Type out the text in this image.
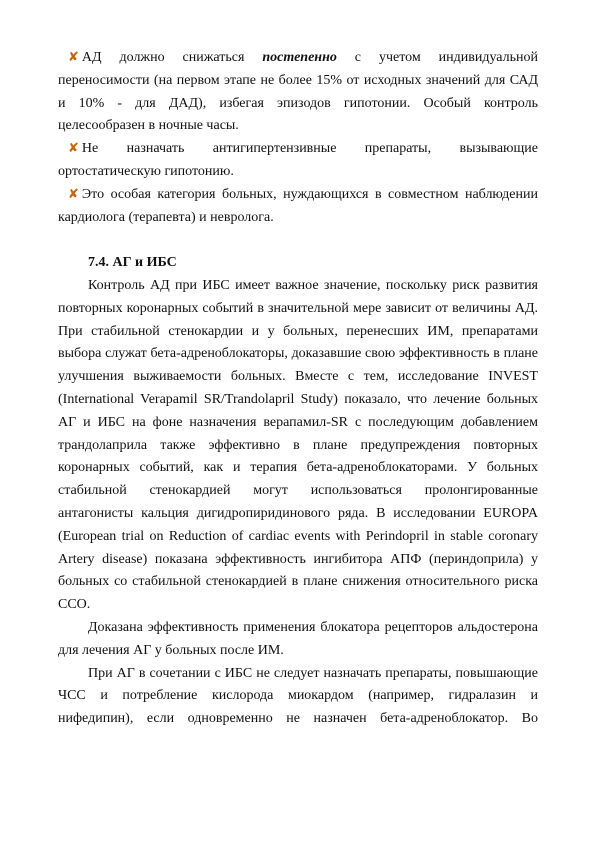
✘ АД должно снижаться постепенно с учетом индивидуальной
переносимости (на первом этапе не более 15% от исходных значений для САД
и 10% - для ДАД), избегая эпизодов гипотонии. Особый контроль
целесообразен в ночные часы.
✘ Не назначать антигипертензивные препараты, вызывающие
ортостатическую гипотонию.
✘ Это особая категория больных, нуждающихся в совместном наблюдении
кардиолога (терапевта) и невролога.
7.4. АГ и ИБС
Контроль АД при ИБС имеет важное значение, поскольку риск развития
повторных коронарных событий в значительной мере зависит от величины АД.
При стабильной стенокардии и у больных, перенесших ИМ, препаратами
выбора служат бета-адреноблокаторы, доказавшие свою эффективность в плане
улучшения выживаемости больных. Вместе с тем, исследование INVEST
(International Verapamil SR/Trandolapril Study) показало, что лечение больных
АГ и ИБС на фоне назначения верапамил-SR с последующим добавлением
трандолаприла также эффективно в плане предупреждения повторных
коронарных событий, как и терапия бета-адреноблокаторами. У больных
стабильной стенокардией могут использоваться пролонгированные
антагонисты кальция дигидропиридинового ряда. В исследовании EUROPA
(European trial on Reduction of cardiac events with Perindopril in stable coronary
Artery disease) показана эффективность ингибитора АПФ (периндоприла) у
больных со стабильной стенокардией в плане снижения относительного риска
ССО.
Доказана эффективность применения блокатора рецепторов альдостерона
для лечения АГ у больных после ИМ.
При АГ в сочетании с ИБС не следует назначать препараты, повышающие
ЧСС и потребление кислорода миокардом (например, гидралазин и
нифедипин), если одновременно не назначен бета-адреноблокатор. Во
